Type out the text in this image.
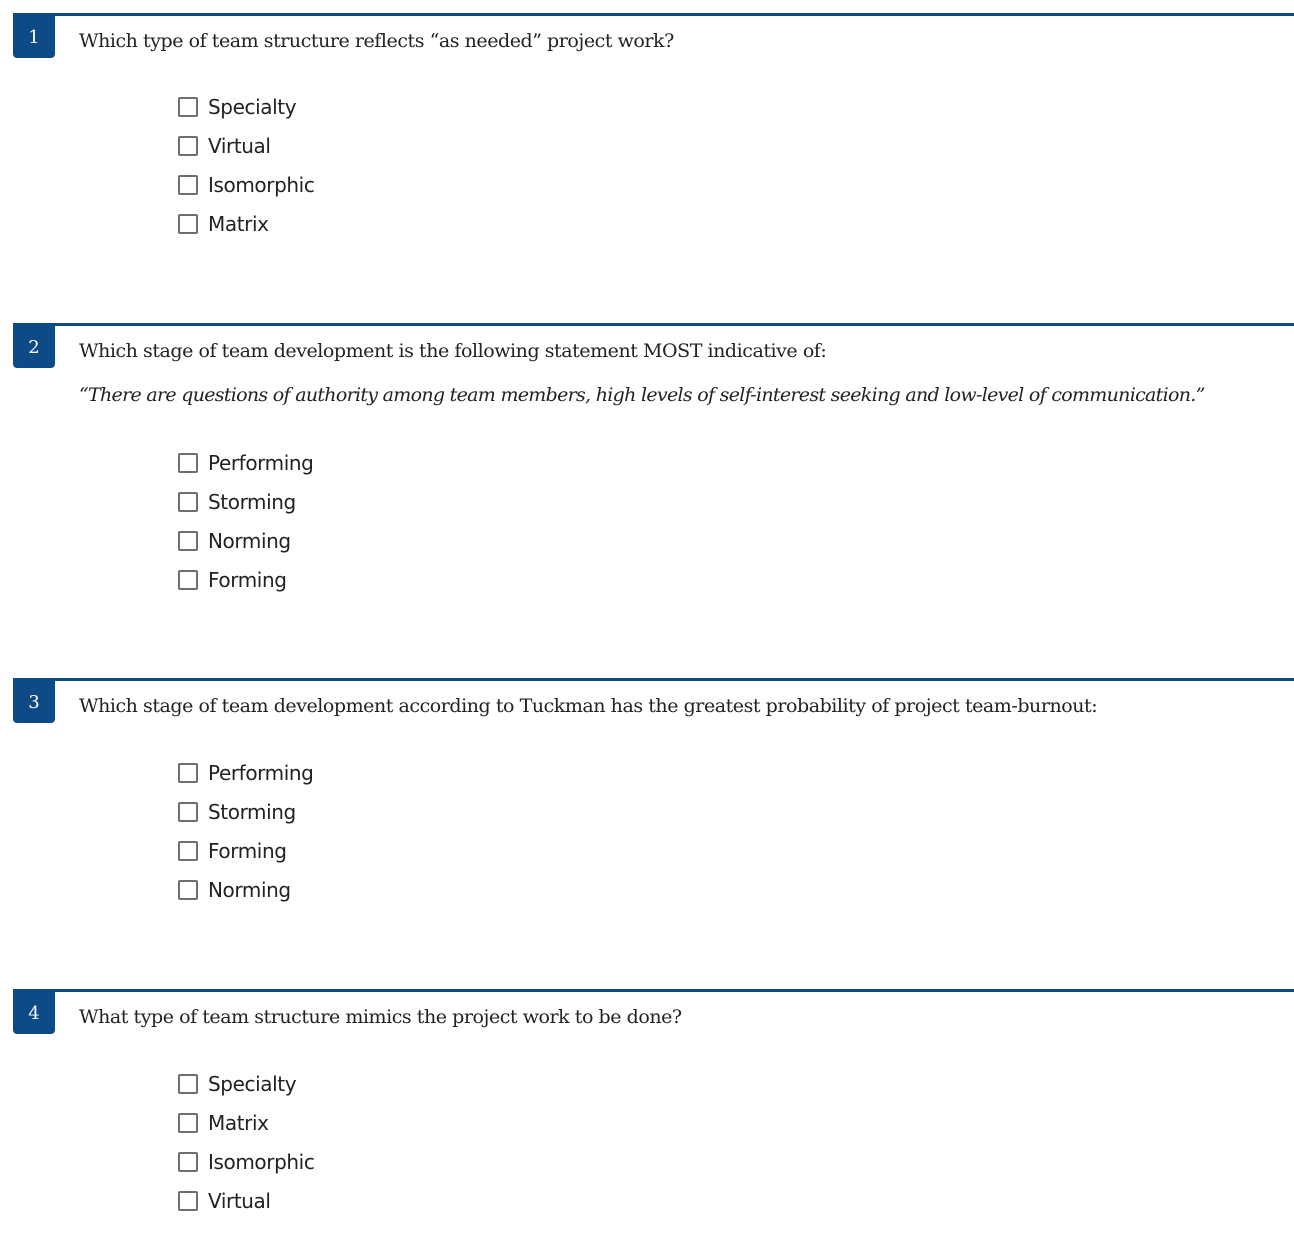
1	Which type of team structure reflects “as needed” project work?
Specialty
Virtual
Isomorphic
Matrix
2	Which stage of team development is the following statement MOST indicative of:
“There are questions of authority among team members, high levels of self-interest seeking and low-level of communication.”
Performing
Storming
Norming
Forming
3	Which stage of team development according to Tuckman has the greatest probability of project team-burnout:
Performing
Storming
Forming
Norming
4	What type of team structure mimics the project work to be done?
Specialty
Matrix
Isomorphic
Virtual
